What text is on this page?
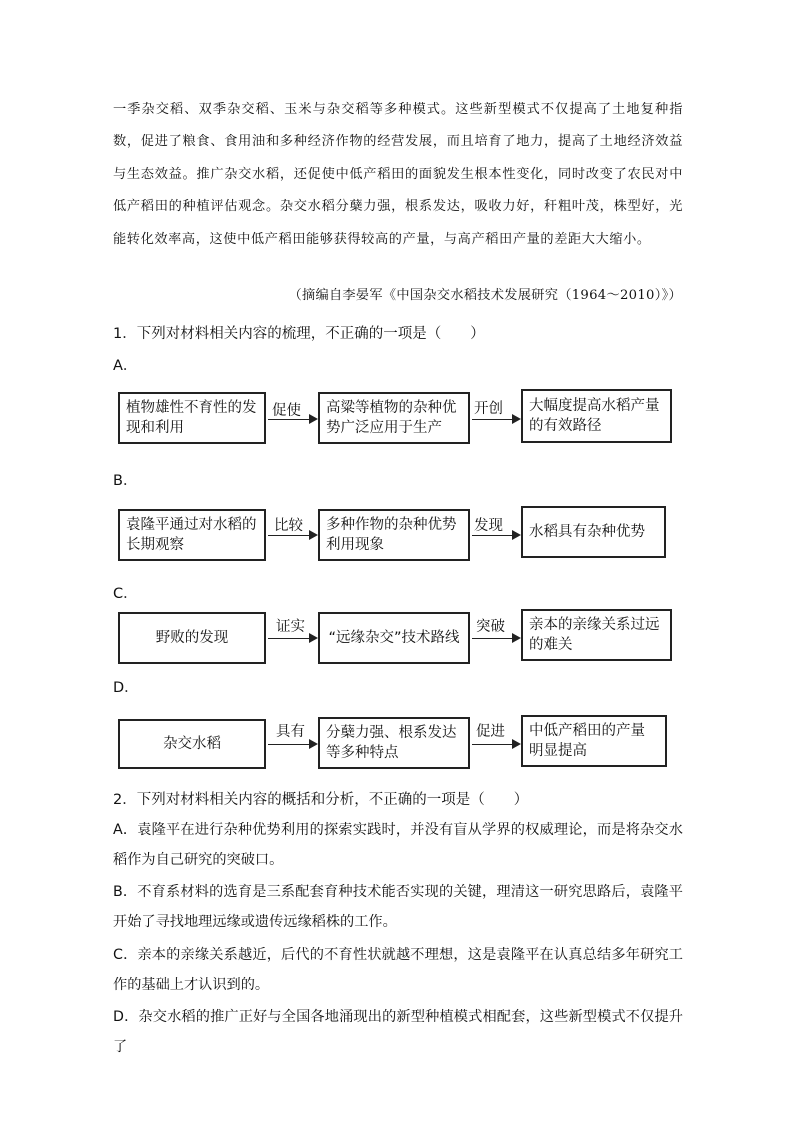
一季杂交稻、双季杂交稻、玉米与杂交稻等多种模式。这些新型模式不仅提高了土地复种指数，促进了粮食、食用油和多种经济作物的经营发展，而且培育了地力，提高了土地经济效益与生态效益。推广杂交水稻，还促使中低产稻田的面貌发生根本性变化，同时改变了农民对中低产稻田的种植评估观念。杂交水稻分蘖力强，根系发达，吸收力好，秆粗叶茂，株型好，光能转化效率高，这使中低产稻田能够获得较高的产量，与高产稻田产量的差距大大缩小。
（摘编自李晏军《中国杂交水稻技术发展研究（1964～2010）》）
1．下列对材料相关内容的梳理，不正确的一项是（　　）
A．
植物雄性不育性的发现和利用
促使 高粱等植物的杂种优势广泛应用于生产
开创 大幅度提高水稻产量的有效路径
B．
袁隆平通过对水稻的长期观察
比较 多种作物的杂种优势利用现象
发现 水稻具有杂种优势
C．
野败的发现
证实
“远缘杂交”技术路线
突破 亲本的亲缘关系过远的难关
D．
杂交水稻
具有 分蘖力强、根系发达等多种特点
促进 中低产稻田的产量明显提高
2．下列对材料相关内容的概括和分析，不正确的一项是（　　）
A．袁隆平在进行杂种优势利用的探索实践时，并没有盲从学界的权威理论，而是将杂交水稻作为自己研究的突破口。
B．不育系材料的选育是三系配套育种技术能否实现的关键，理清这一研究思路后，袁隆平开始了寻找地理远缘或遗传远缘稻株的工作。
C．亲本的亲缘关系越近，后代的不育性状就越不理想，这是袁隆平在认真总结多年研究工作的基础上才认识到的。
D．杂交水稻的推广正好与全国各地涌现出的新型种植模式相配套，这些新型模式不仅提升了
